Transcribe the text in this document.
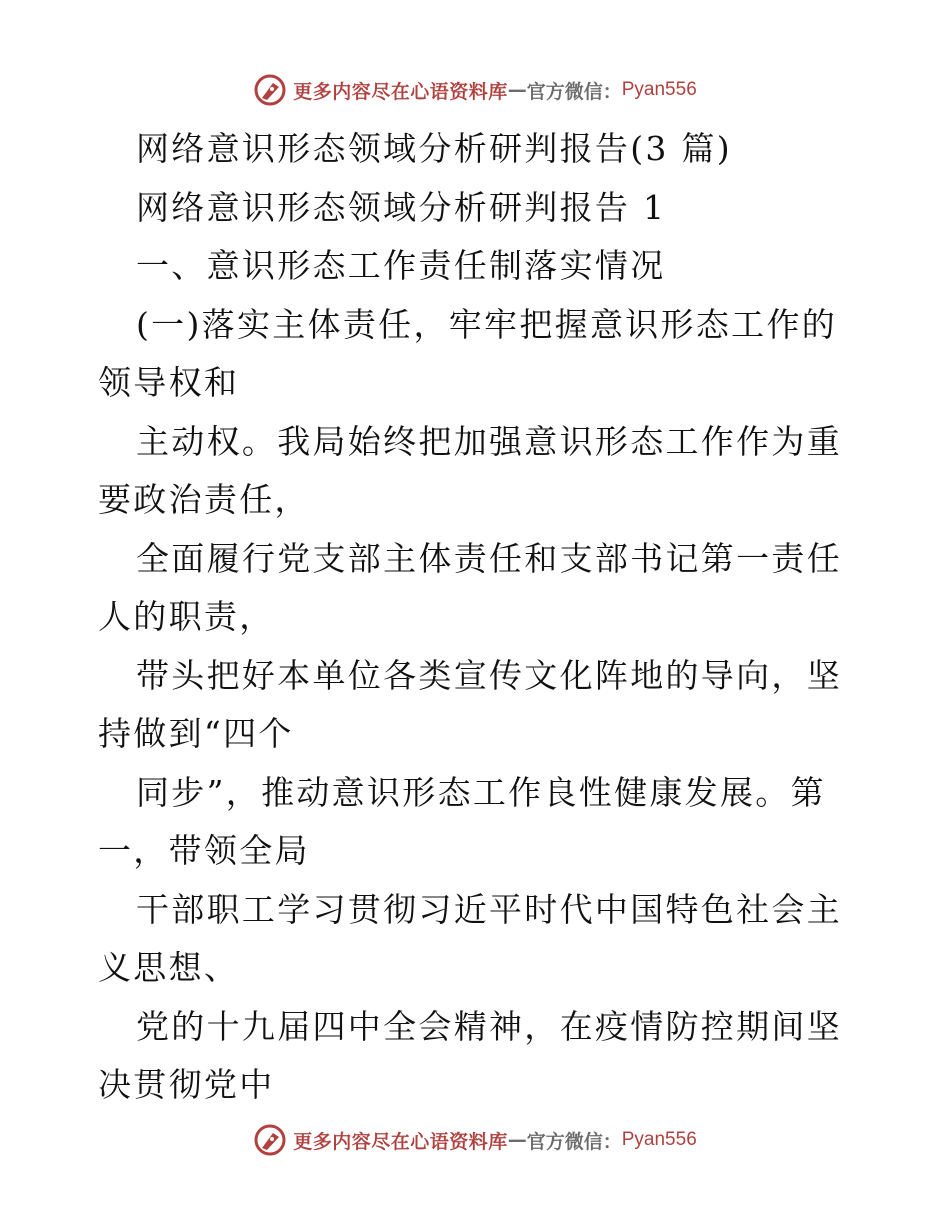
更多内容尽在心语资料库 — 官方微信： Pyan556

网络意识形态领域分析研判报告(3 篇)

网络意识形态领域分析研判报告 1

一、意识形态工作责任制落实情况

(一)落实主体责任，牢牢把握意识形态工作的领导权和

主动权。我局始终把加强意识形态工作作为重要政治责任，

全面履行党支部主体责任和支部书记第一责任人的职责，

带头把好本单位各类宣传文化阵地的导向，坚持做到“四个

同步”，推动意识形态工作良性健康发展。第一，带领全局

干部职工学习贯彻习近平时代中国特色社会主义思想、

党的十九届四中全会精神，在疫情防控期间坚决贯彻党中

更多内容尽在心语资料库 — 官方微信： Pyan556
